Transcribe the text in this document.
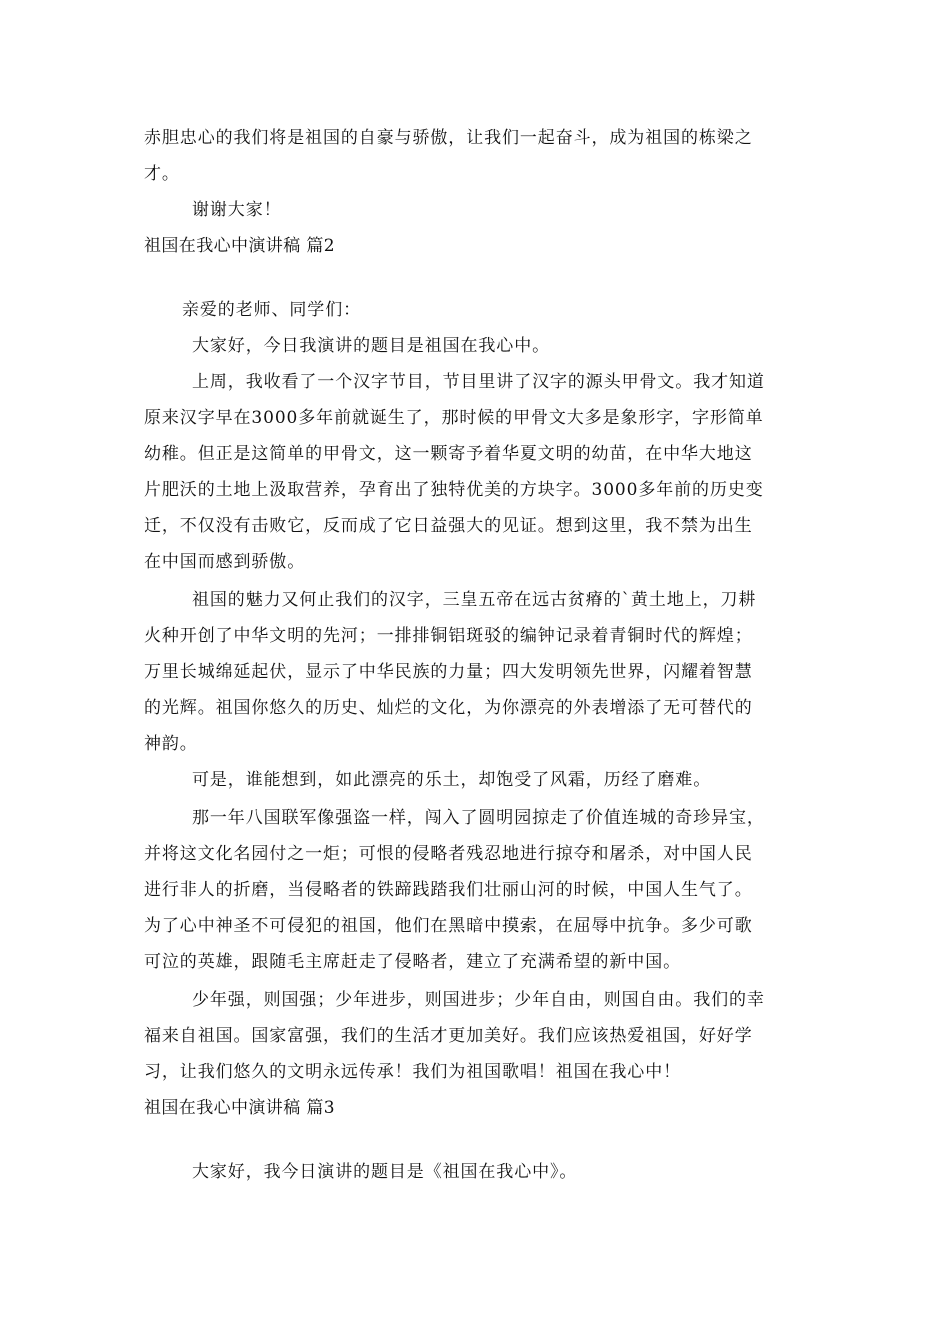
赤胆忠心的我们将是祖国的自豪与骄傲，让我们一起奋斗，成为祖国的栋梁之

才。

谢谢大家！

祖国在我心中演讲稿 篇2

亲爱的老师、同学们：

大家好，今日我演讲的题目是祖国在我心中。

上周，我收看了一个汉字节目，节目里讲了汉字的源头甲骨文。我才知道

原来汉字早在3000多年前就诞生了，那时候的甲骨文大多是象形字，字形简单

幼稚。但正是这简单的甲骨文，这一颗寄予着华夏文明的幼苗，在中华大地这

片肥沃的土地上汲取营养，孕育出了独特优美的方块字。3000多年前的历史变

迁，不仅没有击败它，反而成了它日益强大的见证。想到这里，我不禁为出生

在中国而感到骄傲。

祖国的魅力又何止我们的汉字，三皇五帝在远古贫瘠的`黄土地上，刀耕

火种开创了中华文明的先河；一排排铜铝斑驳的编钟记录着青铜时代的辉煌；

万里长城绵延起伏，显示了中华民族的力量；四大发明领先世界，闪耀着智慧

的光辉。祖国你悠久的历史、灿烂的文化，为你漂亮的外表增添了无可替代的

神韵。

可是，谁能想到，如此漂亮的乐土，却饱受了风霜，历经了磨难。

那一年八国联军像强盗一样，闯入了圆明园掠走了价值连城的奇珍异宝，

并将这文化名园付之一炬；可恨的侵略者残忍地进行掠夺和屠杀，对中国人民

进行非人的折磨，当侵略者的铁蹄践踏我们壮丽山河的时候，中国人生气了。

为了心中神圣不可侵犯的祖国，他们在黑暗中摸索，在屈辱中抗争。多少可歌

可泣的英雄，跟随毛主席赶走了侵略者，建立了充满希望的新中国。

少年强，则国强；少年进步，则国进步；少年自由，则国自由。我们的幸

福来自祖国。国家富强，我们的生活才更加美好。我们应该热爱祖国，好好学

习，让我们悠久的文明永远传承！我们为祖国歌唱！祖国在我心中！

祖国在我心中演讲稿 篇3

大家好，我今日演讲的题目是《祖国在我心中》。
